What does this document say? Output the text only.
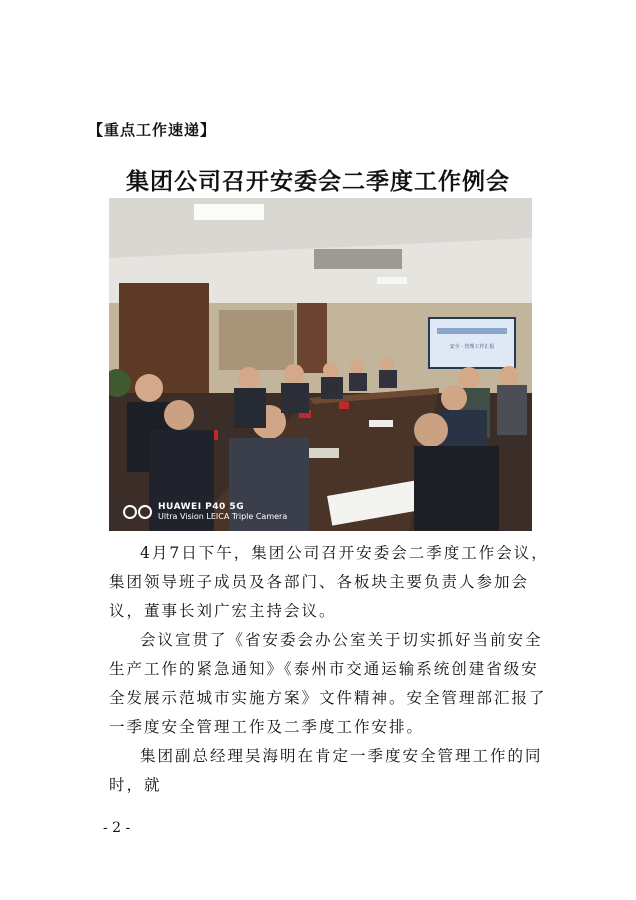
【重点工作速递】
集团公司召开安委会二季度工作例会
安全 · 管理工作汇报
HUAWEI P40 5G
Ultra Vision LEICA Triple Camera

4月7日下午，集团公司召开安委会二季度工作会议，集团领导班子成员及各部门、各板块主要负责人参加会议，董事长刘广宏主持会议。

会议宣贯了《省安委会办公室关于切实抓好当前安全生产工作的紧急通知》《泰州市交通运输系统创建省级安全发展示范城市实施方案》文件精神。安全管理部汇报了一季度安全管理工作及二季度工作安排。

集团副总经理吴海明在肯定一季度安全管理工作的同时，就

- 2 -
